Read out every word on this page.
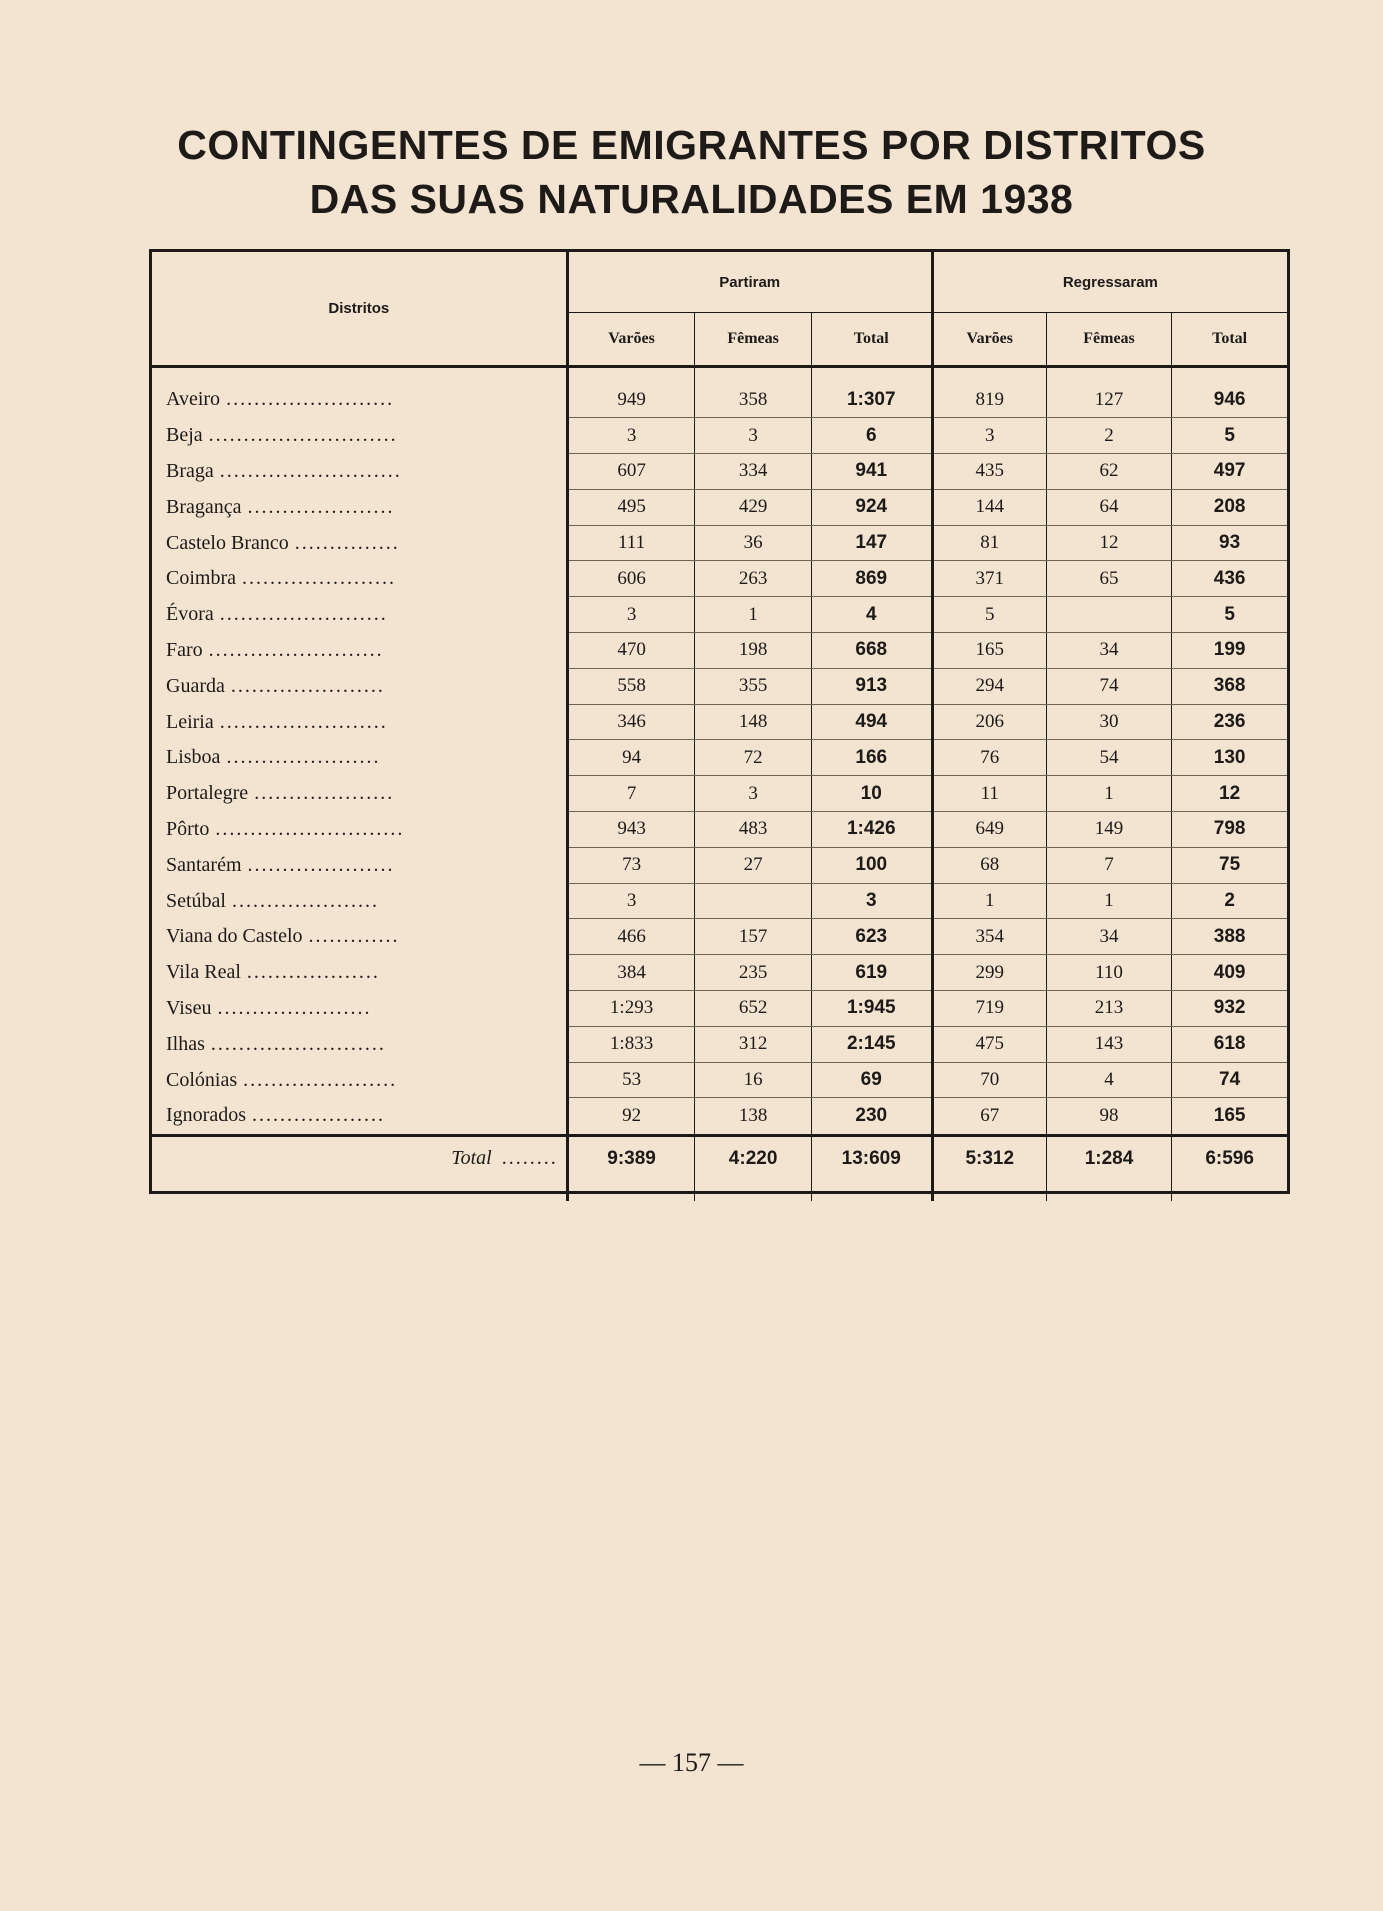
CONTINGENTES DE EMIGRANTES POR DISTRITOS
DAS SUAS NATURALIDADES EM 1938
Distritos	Partiram			Regressaram		
	Varões	Fêmeas	Total	Varões	Fêmeas	Total

Aveiro ........................	949	358	1:307	819	127	946
Beja ...........................	3	3	6	3	2	5
Braga ..........................	607	334	941	435	62	497
Bragança .....................	495	429	924	144	64	208
Castelo Branco ...............	111	36	147	81	12	93
Coimbra ......................	606	263	869	371	65	436
Évora ........................	3	1	4	5		5
Faro .........................	470	198	668	165	34	199
Guarda ......................	558	355	913	294	74	368
Leiria ........................	346	148	494	206	30	236
Lisboa ......................	94	72	166	76	54	130
Portalegre ....................	7	3	10	11	1	12
Pôrto ...........................	943	483	1:426	649	149	798
Santarém .....................	73	27	100	68	7	75
Setúbal .....................	3		3	1	1	2
Viana do Castelo .............	466	157	623	354	34	388
Vila Real ...................	384	235	619	299	110	409
Viseu ......................	1:293	652	1:945	719	213	932
Ilhas .........................	1:833	312	2:145	475	143	618
Colónias ......................	53	16	69	70	4	74
Ignorados ...................	92	138	230	67	98	165
Total ........	9:389	4:220	13:609	5:312	1:284	6:596

— 157 —
